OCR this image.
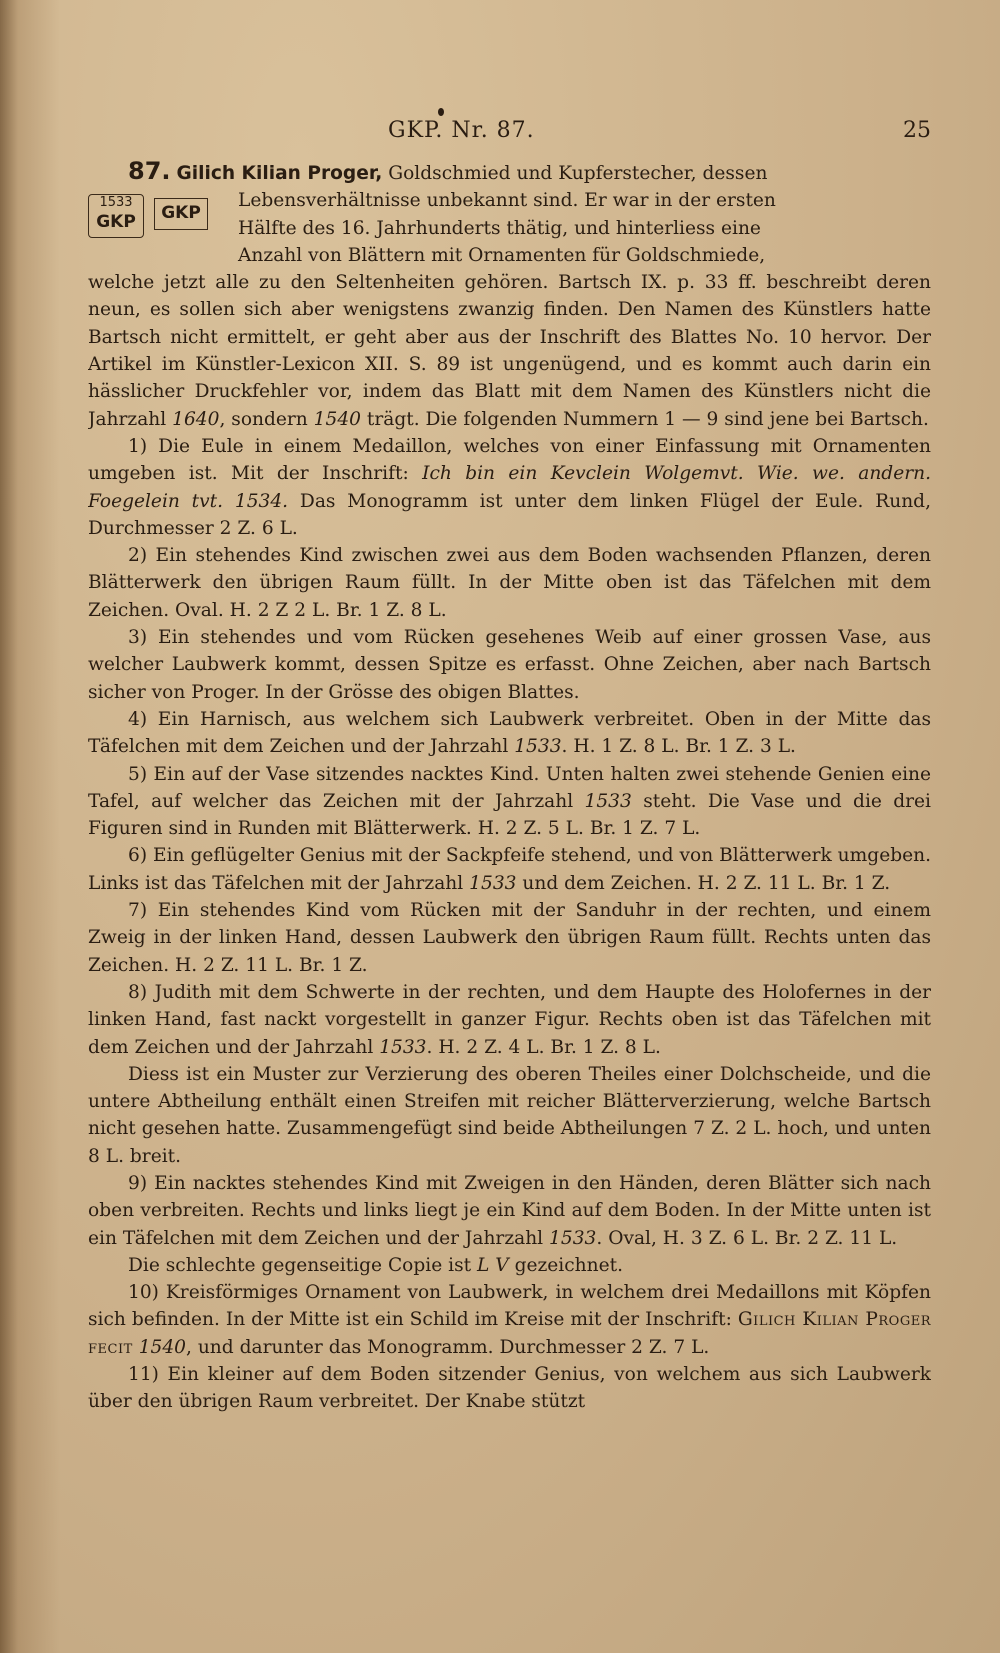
GKP. Nr. 87.	25
87. Gilich Kilian Proger, Goldschmied und Kupferstecher, dessen
Lebensverhältnisse unbekannt sind. Er war in der ersten
Hälfte des 16. Jahrhunderts thätig, und hinterliess eine
Anzahl von Blättern mit Ornamenten für Goldschmiede,
1533
GKP	GKP

welche jetzt alle zu den Seltenheiten gehören. Bartsch IX. p. 33 ff. beschreibt deren neun, es sollen sich aber wenigstens zwanzig finden. Den Namen des Künstlers hatte Bartsch nicht ermittelt, er geht aber aus der Inschrift des Blattes No. 10 hervor. Der Artikel im Künstler-Lexicon XII. S. 89 ist ungenügend, und es kommt auch darin ein hässlicher Druckfehler vor, indem das Blatt mit dem Namen des Künstlers nicht die Jahrzahl 1640, sondern 1540 trägt. Die folgenden Nummern 1 — 9 sind jene bei Bartsch.

1) Die Eule in einem Medaillon, welches von einer Einfassung mit Ornamenten umgeben ist. Mit der Inschrift: Ich bin ein Kevclein Wolgemvt. Wie. we. andern. Foegelein tvt. 1534. Das Monogramm ist unter dem linken Flügel der Eule. Rund, Durchmesser 2 Z. 6 L.

2) Ein stehendes Kind zwischen zwei aus dem Boden wachsenden Pflanzen, deren Blätterwerk den übrigen Raum füllt. In der Mitte oben ist das Täfelchen mit dem Zeichen. Oval. H. 2 Z 2 L. Br. 1 Z. 8 L.

3) Ein stehendes und vom Rücken gesehenes Weib auf einer grossen Vase, aus welcher Laubwerk kommt, dessen Spitze es erfasst. Ohne Zeichen, aber nach Bartsch sicher von Proger. In der Grösse des obigen Blattes.

4) Ein Harnisch, aus welchem sich Laubwerk verbreitet. Oben in der Mitte das Täfelchen mit dem Zeichen und der Jahrzahl 1533. H. 1 Z. 8 L. Br. 1 Z. 3 L.

5) Ein auf der Vase sitzendes nacktes Kind. Unten halten zwei stehende Genien eine Tafel, auf welcher das Zeichen mit der Jahrzahl 1533 steht. Die Vase und die drei Figuren sind in Runden mit Blätterwerk. H. 2 Z. 5 L. Br. 1 Z. 7 L.

6) Ein geflügelter Genius mit der Sackpfeife stehend, und von Blätterwerk umgeben. Links ist das Täfelchen mit der Jahrzahl 1533 und dem Zeichen. H. 2 Z. 11 L. Br. 1 Z.

7) Ein stehendes Kind vom Rücken mit der Sanduhr in der rechten, und einem Zweig in der linken Hand, dessen Laubwerk den übrigen Raum füllt. Rechts unten das Zeichen. H. 2 Z. 11 L. Br. 1 Z.

8) Judith mit dem Schwerte in der rechten, und dem Haupte des Holofernes in der linken Hand, fast nackt vorgestellt in ganzer Figur. Rechts oben ist das Täfelchen mit dem Zeichen und der Jahrzahl 1533. H. 2 Z. 4 L. Br. 1 Z. 8 L.

Diess ist ein Muster zur Verzierung des oberen Theiles einer Dolchscheide, und die untere Abtheilung enthält einen Streifen mit reicher Blätterverzierung, welche Bartsch nicht gesehen hatte. Zusammengefügt sind beide Abtheilungen 7 Z. 2 L. hoch, und unten 8 L. breit.

9) Ein nacktes stehendes Kind mit Zweigen in den Händen, deren Blätter sich nach oben verbreiten. Rechts und links liegt je ein Kind auf dem Boden. In der Mitte unten ist ein Täfelchen mit dem Zeichen und der Jahrzahl 1533. Oval, H. 3 Z. 6 L. Br. 2 Z. 11 L.

Die schlechte gegenseitige Copie ist L V gezeichnet.

10) Kreisförmiges Ornament von Laubwerk, in welchem drei Medaillons mit Köpfen sich befinden. In der Mitte ist ein Schild im Kreise mit der Inschrift: Gilich Kilian Proger fecit 1540, und darunter das Monogramm. Durchmesser 2 Z. 7 L.

11) Ein kleiner auf dem Boden sitzender Genius, von welchem aus sich Laubwerk über den übrigen Raum verbreitet. Der Knabe stützt
